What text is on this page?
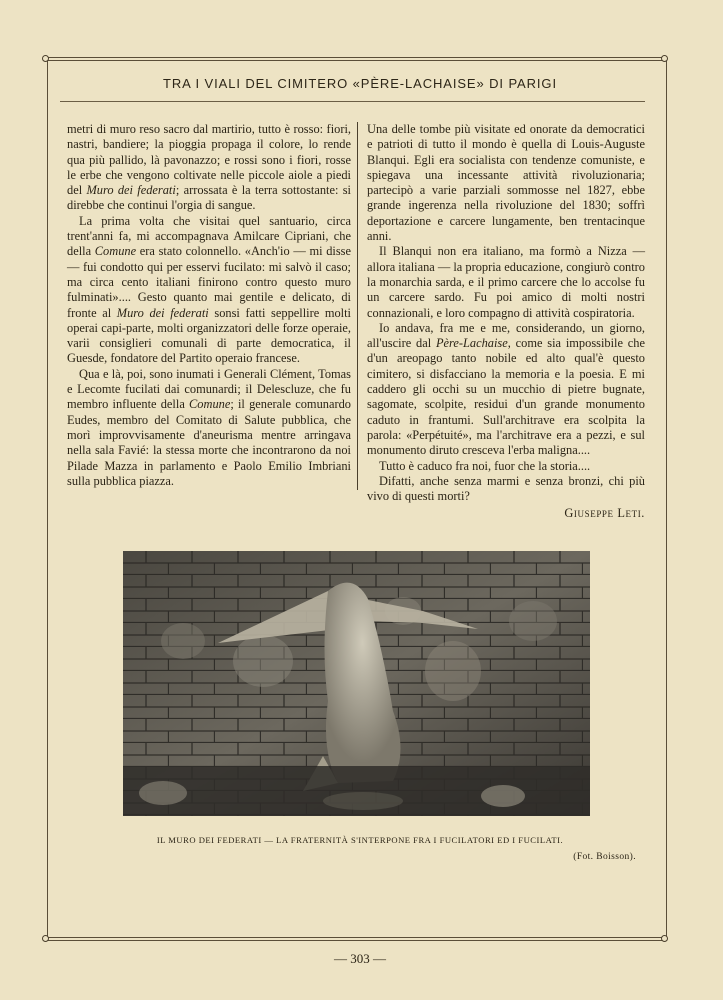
TRA I VIALI DEL CIMITERO «PÈRE-LACHAISE» DI PARIGI

metri di muro reso sacro dal martirio, tutto è rosso: fiori, nastri, bandiere; la pioggia propaga il colore, lo rende qua più pallido, là pavonazzo; e rossi sono i fiori, rosse le erbe che vengono coltivate nelle piccole aiole a piedi del Muro dei federati; arrossata è la terra sottostante: si direbbe che continui l'orgia di sangue.

La prima volta che visitai quel santuario, circa trent'anni fa, mi accompagnava Amilcare Cipriani, che della Comune era stato colonnello. «Anch'io — mi disse — fui condotto qui per esservi fucilato: mi salvò il caso; ma circa cento italiani finirono contro questo muro fulminati».... Gesto quanto mai gentile e delicato, di fronte al Muro dei federati sonsi fatti seppellire molti operai capi-parte, molti organizzatori delle forze operaie, varii consiglieri comunali di parte democratica, il Guesde, fondatore del Partito operaio francese.

Qua e là, poi, sono inumati i Generali Clément, Tomas e Lecomte fucilati dai comunardi; il Delescluze, che fu membro influente della Comune; il generale comunardo Eudes, membro del Comitato di Salute pubblica, che morì improvvisamente d'aneurisma mentre arringava nella sala Favié: la stessa morte che incontrarono da noi Pilade Mazza in parlamento e Paolo Emilio Imbriani sulla pubblica piazza.

Una delle tombe più visitate ed onorate da democratici e patrioti di tutto il mondo è quella di Louis-Auguste Blanqui. Egli era socialista con tendenze comuniste, e spiegava una incessante attività rivoluzionaria; partecipò a varie parziali sommosse nel 1827, ebbe grande ingerenza nella rivoluzione del 1830; soffrì deportazione e carcere lungamente, ben trentacinque anni.

Il Blanqui non era italiano, ma formò a Nizza — allora italiana — la propria educazione, congiurò contro la monarchia sarda, e il primo carcere che lo accolse fu un carcere sardo. Fu poi amico di molti nostri connazionali, e loro compagno di attività cospiratoria.

Io andava, fra me e me, considerando, un giorno, all'uscire dal Père-Lachaise, come sia impossibile che d'un areopago tanto nobile ed alto qual'è questo cimitero, si disfacciano la memoria e la poesia. E mi caddero gli occhi su un mucchio di pietre bugnate, sagomate, scolpite, residui d'un grande monumento caduto in frantumi. Sull'architrave era scolpita la parola: «Perpétuité», ma l'architrave era a pezzi, e sul monumento diruto cresceva l'erba maligna....

Tutto è caduco fra noi, fuor che la storia....

Difatti, anche senza marmi e senza bronzi, chi più vivo di questi morti?

Giuseppe Leti.
IL MURO DEI FEDERATI — LA FRATERNITÀ S'INTERPONE FRA I FUCILATORI ED I FUCILATI.
(Fot. Boisson).
— 303 —
